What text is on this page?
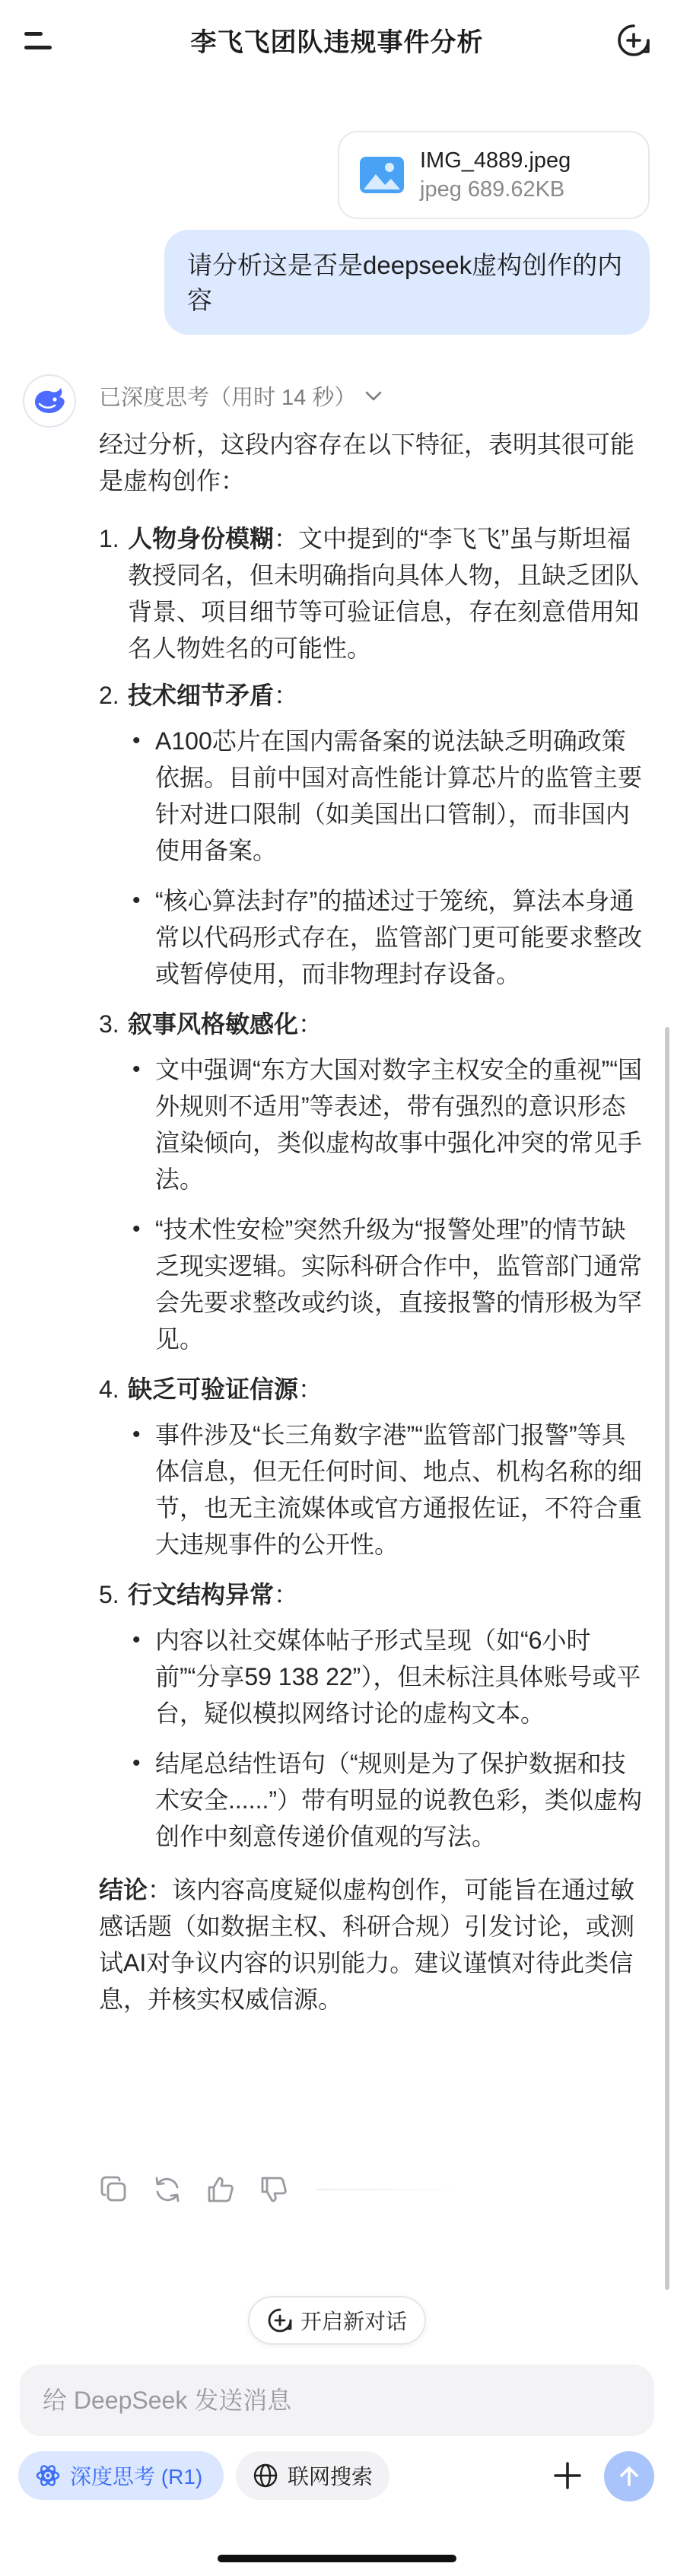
李飞飞团队违规事件分析
IMG_4889.jpeg
jpeg 689.62KB
请分析这是否是deepseek虚构创作的内容
已深度思考（用时 14 秒）

经过分析，这段内容存在以下特征，表明其很可能是虚构创作：

1. 人物身份模糊：文中提到的“李飞飞”虽与斯坦福教授同名，但未明确指向具体人物，且缺乏团队背景、项目细节等可验证信息，存在刻意借用知名人物姓名的可能性。
2. 技术细节矛盾：
• A100芯片在国内需备案的说法缺乏明确政策依据。目前中国对高性能计算芯片的监管主要针对进口限制（如美国出口管制），而非国内使用备案。
• “核心算法封存”的描述过于笼统，算法本身通常以代码形式存在，监管部门更可能要求整改或暂停使用，而非物理封存设备。
3. 叙事风格敏感化：
• 文中强调“东方大国对数字主权安全的重视”“国外规则不适用”等表述，带有强烈的意识形态渲染倾向，类似虚构故事中强化冲突的常见手法。
• “技术性安检”突然升级为“报警处理”的情节缺乏现实逻辑。实际科研合作中，监管部门通常会先要求整改或约谈，直接报警的情形极为罕见。
4. 缺乏可验证信源：
• 事件涉及“长三角数字港”“监管部门报警”等具体信息，但无任何时间、地点、机构名称的细节，也无主流媒体或官方通报佐证，不符合重大违规事件的公开性。
5. 行文结构异常：
• 内容以社交媒体帖子形式呈现（如“6小时前”“分享59 138 22”），但未标注具体账号或平台，疑似模拟网络讨论的虚构文本。
• 结尾总结性语句（“规则是为了保护数据和技术安全......”）带有明显的说教色彩，类似虚构创作中刻意传递价值观的写法。

结论：该内容高度疑似虚构创作，可能旨在通过敏感话题（如数据主权、科研合规）引发讨论，或测试AI对争议内容的识别能力。建议谨慎对待此类信息，并核实权威信源。

开启新对话
给 DeepSeek 发送消息
深度思考 (R1)	联网搜索
